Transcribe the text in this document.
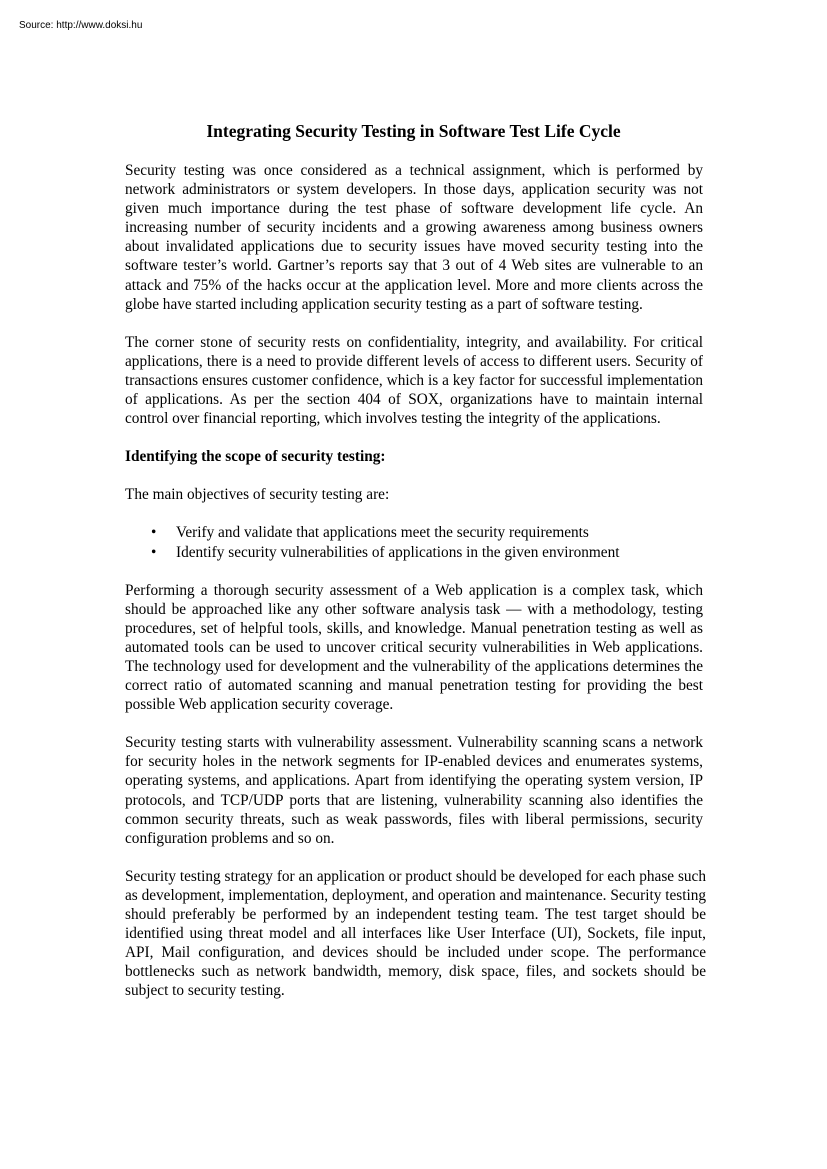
Source: http://www.doksi.hu
Integrating Security Testing in Software Test Life Cycle

Security testing was once considered as a technical assignment, which is performed by network administrators or system developers. In those days, application security was not given much importance during the test phase of software development life cycle. An increasing number of security incidents and a growing awareness among business owners about invalidated applications due to security issues have moved security testing into the software tester’s world. Gartner’s reports say that 3 out of 4 Web sites are vulnerable to an attack and 75% of the hacks occur at the application level. More and more clients across the globe have started including application security testing as a part of software testing.

The corner stone of security rests on confidentiality, integrity, and availability. For critical applications, there is a need to provide different levels of access to different users. Security of transactions ensures customer confidence, which is a key factor for successful implementation of applications. As per the section 404 of SOX, organizations have to maintain internal control over financial reporting, which involves testing the integrity of the applications.

Identifying the scope of security testing:

The main objectives of security testing are:

• Verify and validate that applications meet the security requirements
• Identify security vulnerabilities of applications in the given environment

Performing a thorough security assessment of a Web application is a complex task, which should be approached like any other software analysis task — with a methodology, testing procedures, set of helpful tools, skills, and knowledge. Manual penetration testing as well as automated tools can be used to uncover critical security vulnerabilities in Web applications. The technology used for development and the vulnerability of the applications determines the correct ratio of automated scanning and manual penetration testing for providing the best possible Web application security coverage.

Security testing starts with vulnerability assessment. Vulnerability scanning scans a network for security holes in the network segments for IP-enabled devices and enumerates systems, operating systems, and applications. Apart from identifying the operating system version, IP protocols, and TCP/UDP ports that are listening, vulnerability scanning also identifies the common security threats, such as weak passwords, files with liberal permissions, security configuration problems and so on.

Security testing strategy for an application or product should be developed for each phase such as development, implementation, deployment, and operation and maintenance. Security testing should preferably be performed by an independent testing team. The test target should be identified using threat model and all interfaces like User Interface (UI), Sockets, file input, API, Mail configuration, and devices should be included under scope. The performance bottlenecks such as network bandwidth, memory, disk space, files, and sockets should be subject to security testing.
